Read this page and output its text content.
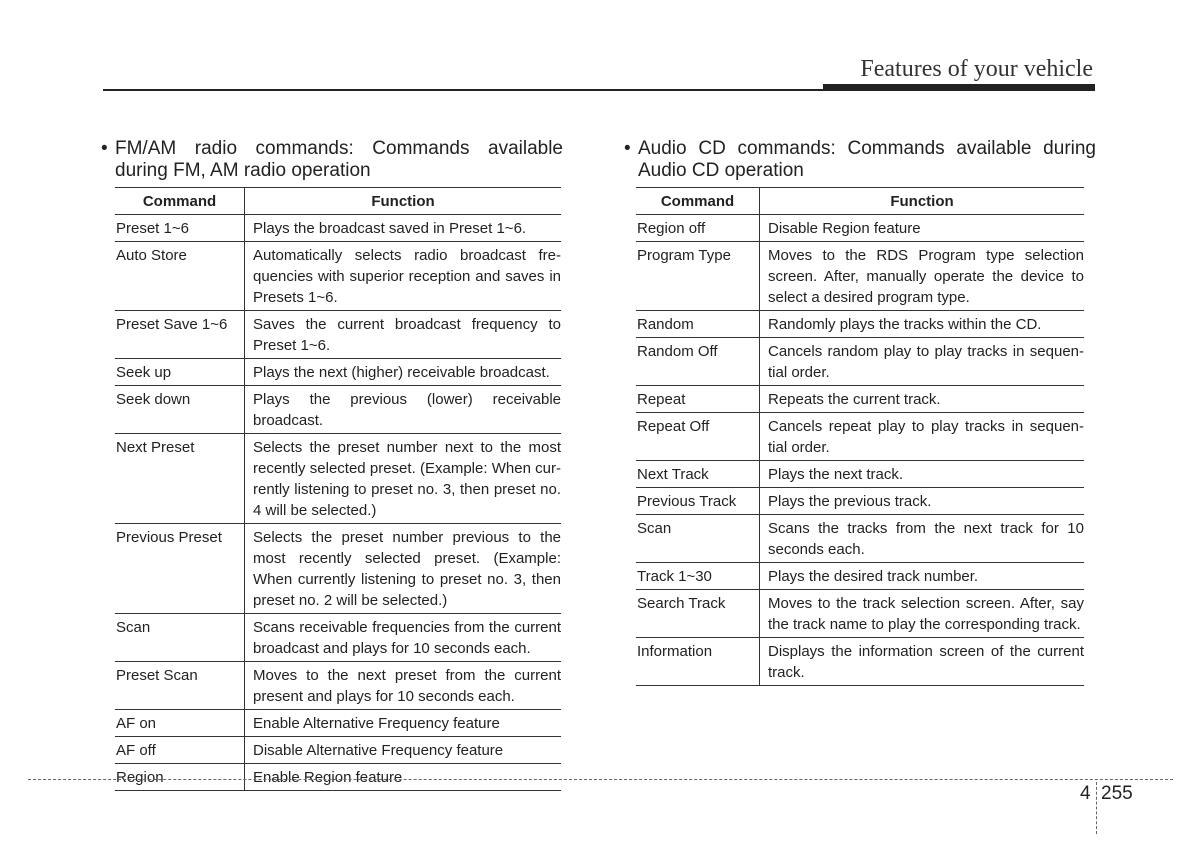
Features of your vehicle
• FM/AM radio commands: Commands available during FM, AM radio operation
Command	Function
Preset 1~6	Plays the broadcast saved in Preset 1~6.
Auto Store	Automatically selects radio broadcast fre-quencies with superior reception and saves in Presets 1~6.
Preset Save 1~6	Saves the current broadcast frequency to Preset 1~6.
Seek up	Plays the next (higher) receivable broadcast.
Seek down	Plays the previous (lower) receivable broadcast.
Next Preset	Selects the preset number next to the most recently selected preset. (Example: When cur-rently listening to preset no. 3, then preset no. 4 will be selected.)
Previous Preset	Selects the preset number previous to the most recently selected preset. (Example: When currently listening to preset no. 3, then preset no. 2 will be selected.)
Scan	Scans receivable frequencies from the current broadcast and plays for 10 seconds each.
Preset Scan	Moves to the next preset from the current present and plays for 10 seconds each.
AF on	Enable Alternative Frequency feature
AF off	Disable Alternative Frequency feature
Region	Enable Region feature
• Audio CD commands: Commands available during Audio CD operation
Command	Function
Region off	Disable Region feature
Program Type	Moves to the RDS Program type selection screen. After, manually operate the device to select a desired program type.
Random	Randomly plays the tracks within the CD.
Random Off	Cancels random play to play tracks in sequen-tial order.
Repeat	Repeats the current track.
Repeat Off	Cancels repeat play to play tracks in sequen-tial order.
Next Track	Plays the next track.
Previous Track	Plays the previous track.
Scan	Scans the tracks from the next track for 10 seconds each.
Track 1~30	Plays the desired track number.
Search Track	Moves to the track selection screen. After, say the track name to play the corresponding track.
Information	Displays the information screen of the current track.
4 255
